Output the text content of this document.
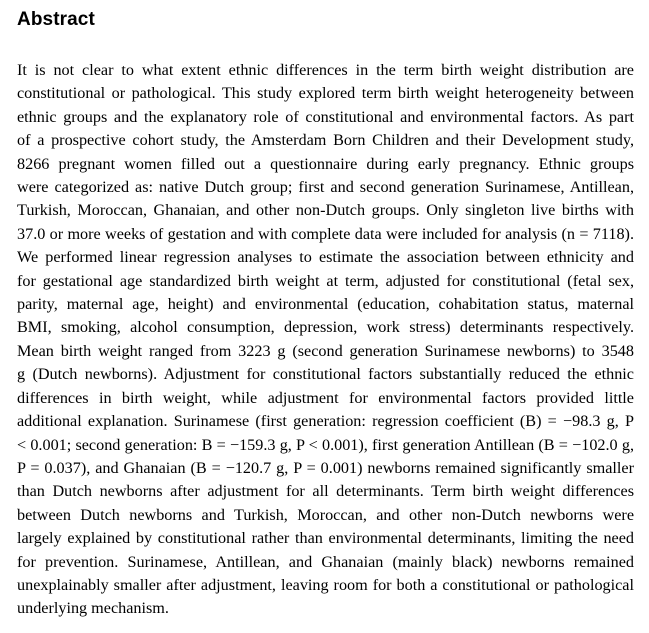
Abstract
It is not clear to what extent ethnic differences in the term birth weight distribution are
constitutional or pathological. This study explored term birth weight heterogeneity between
ethnic groups and the explanatory role of constitutional and environmental factors. As part
of a prospective cohort study, the Amsterdam Born Children and their Development study,
8266 pregnant women filled out a questionnaire during early pregnancy. Ethnic groups
were categorized as: native Dutch group; first and second generation Surinamese, Antillean,
Turkish, Moroccan, Ghanaian, and other non-Dutch groups. Only singleton live births with
37.0 or more weeks of gestation and with complete data were included for analysis (n = 7118).
We performed linear regression analyses to estimate the association between ethnicity and
for gestational age standardized birth weight at term, adjusted for constitutional (fetal sex,
parity, maternal age, height) and environmental (education, cohabitation status, maternal
BMI, smoking, alcohol consumption, depression, work stress) determinants respectively.
Mean birth weight ranged from 3223 g (second generation Surinamese newborns) to 3548
g (Dutch newborns). Adjustment for constitutional factors substantially reduced the ethnic
differences in birth weight, while adjustment for environmental factors provided little
additional explanation. Surinamese (first generation: regression coefficient (B) = −98.3 g, P
< 0.001; second generation: B = −159.3 g, P < 0.001), first generation Antillean (B = −102.0 g,
P = 0.037), and Ghanaian (B = −120.7 g, P = 0.001) newborns remained significantly smaller
than Dutch newborns after adjustment for all determinants. Term birth weight differences
between Dutch newborns and Turkish, Moroccan, and other non-Dutch newborns were
largely explained by constitutional rather than environmental determinants, limiting the need
for prevention. Surinamese, Antillean, and Ghanaian (mainly black) newborns remained
unexplainably smaller after adjustment, leaving room for both a constitutional or pathological
underlying mechanism.
